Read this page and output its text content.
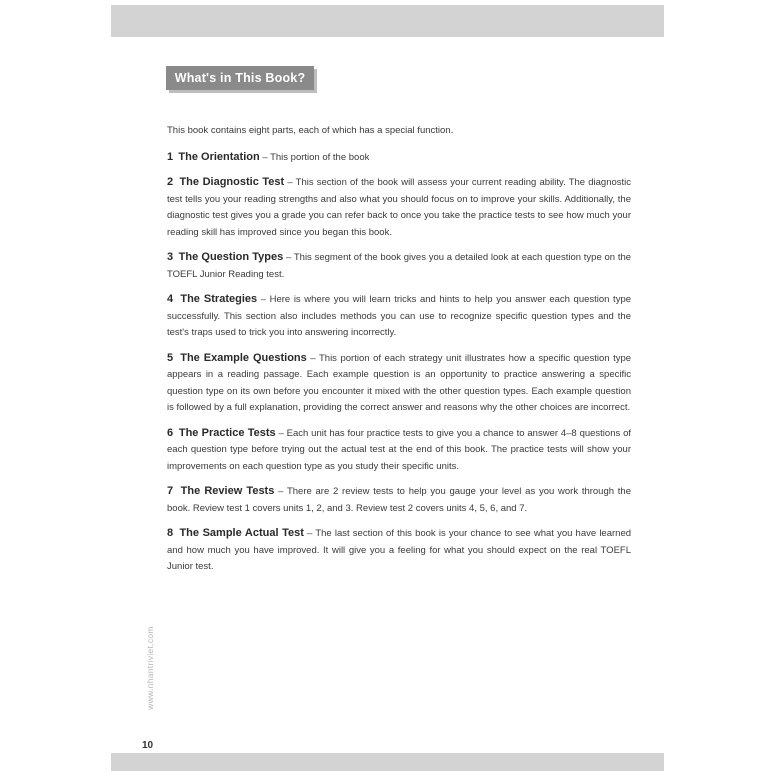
What's in This Book?

This book contains eight parts, each of which has a special function.

1 The Orientation – This portion of the book

2 The Diagnostic Test – This section of the book will assess your current reading ability. The diagnostic test tells you your reading strengths and also what you should focus on to improve your skills. Additionally, the diagnostic test gives you a grade you can refer back to once you take the practice tests to see how much your reading skill has improved since you began this book.

3 The Question Types – This segment of the book gives you a detailed look at each question type on the TOEFL Junior Reading test.

4 The Strategies – Here is where you will learn tricks and hints to help you answer each question type successfully. This section also includes methods you can use to recognize specific question types and the test's traps used to trick you into answering incorrectly.

5 The Example Questions – This portion of each strategy unit illustrates how a specific question type appears in a reading passage. Each example question is an opportunity to practice answering a specific question type on its own before you encounter it mixed with the other question types. Each example question is followed by a full explanation, providing the correct answer and reasons why the other choices are incorrect.

6 The Practice Tests – Each unit has four practice tests to give you a chance to answer 4–8 questions of each question type before trying out the actual test at the end of this book. The practice tests will show your improvements on each question type as you study their specific units.

7 The Review Tests – There are 2 review tests to help you gauge your level as you work through the book. Review test 1 covers units 1, 2, and 3. Review test 2 covers units 4, 5, 6, and 7.

8 The Sample Actual Test – The last section of this book is your chance to see what you have learned and how much you have improved. It will give you a feeling for what you should expect on the real TOEFL Junior test.

www.nhantriviet.com
10
